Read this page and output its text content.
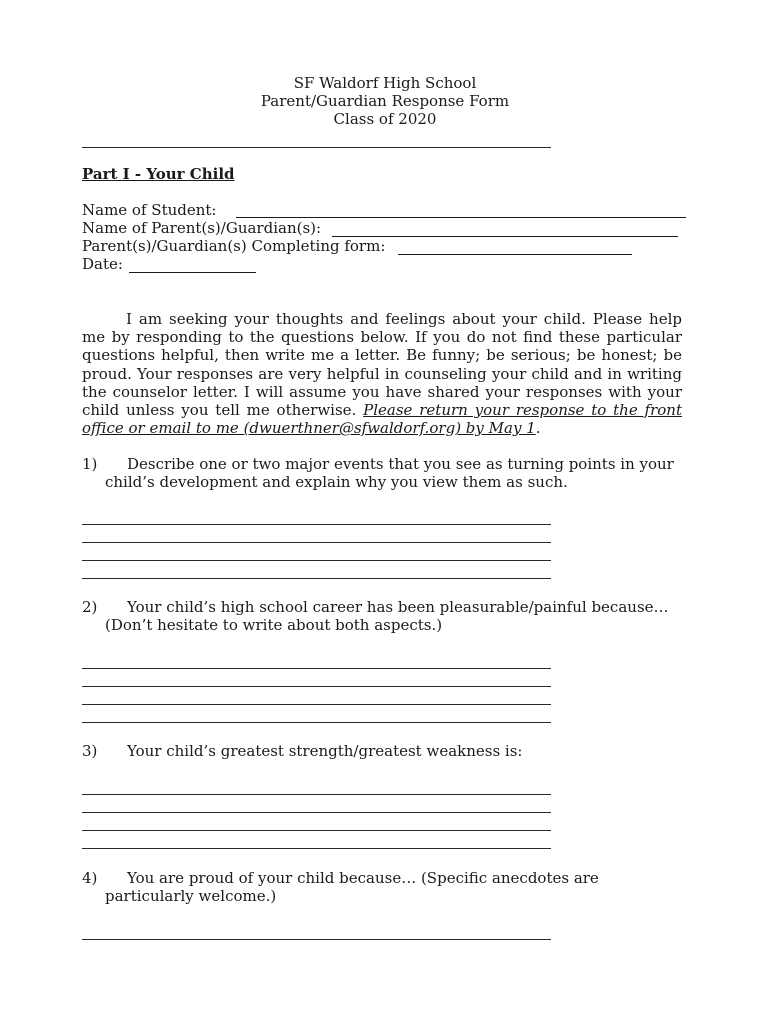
SF Waldorf High School
Parent/Guardian Response Form
Class of 2020
Part I - Your Child
Name of Student:
Name of Parent(s)/Guardian(s):
Parent(s)/Guardian(s) Completing form:
Date:
I am seeking your thoughts and feelings about your child. Please help me by responding to the questions below. If you do not find these particular questions helpful, then write me a letter. Be funny; be serious; be honest; be proud. Your responses are very helpful in counseling your child and in writing the counselor letter. I will assume you have shared your responses with your child unless you tell me otherwise. Please return your response to the front office or email to me (dwuerthner@sfwaldorf.org) by May 1.
1)	Describe one or two major events that you see as turning points in your child’s development and explain why you view them as such.
2)	Your child’s high school career has been pleasurable/painful because… (Don’t hesitate to write about both aspects.)
3)	Your child’s greatest strength/greatest weakness is:
4)	You are proud of your child because… (Specific anecdotes are particularly welcome.)
